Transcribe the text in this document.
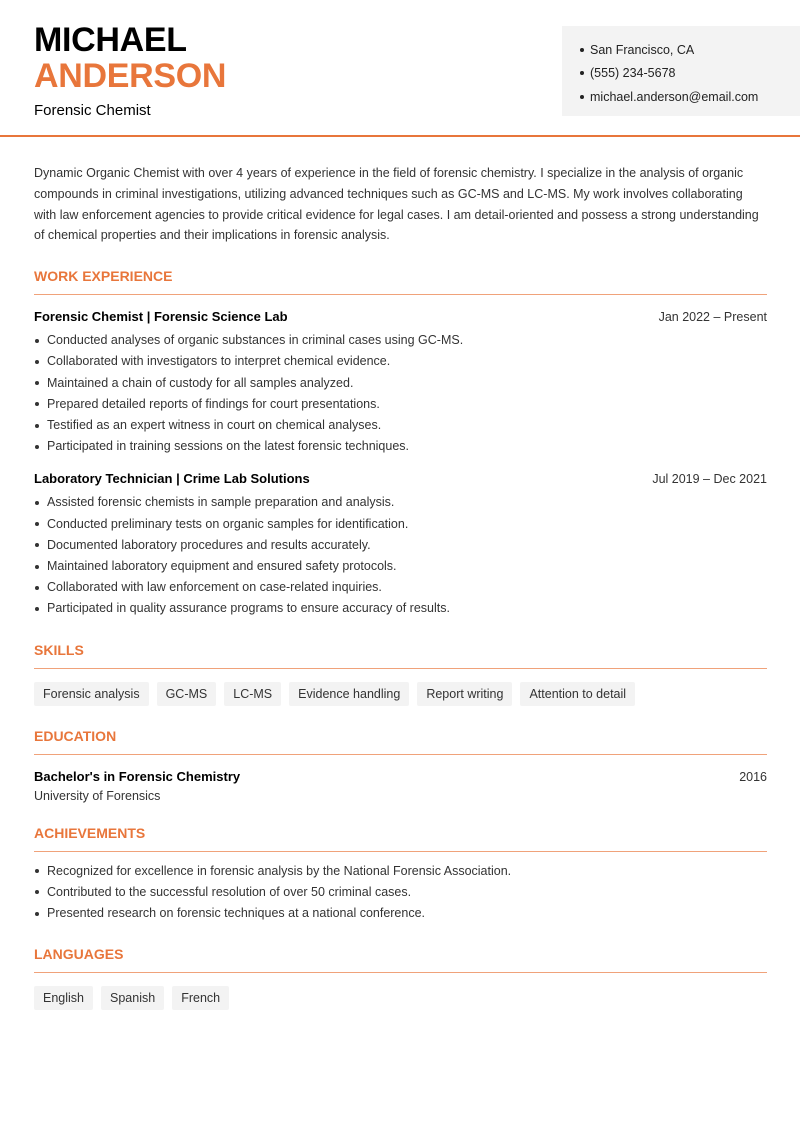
MICHAEL
ANDERSON
Forensic Chemist
San Francisco, CA
(555) 234-5678
michael.anderson@email.com

Dynamic Organic Chemist with over 4 years of experience in the field of forensic chemistry. I specialize in the analysis of organic compounds in criminal investigations, utilizing advanced techniques such as GC-MS and LC-MS. My work involves collaborating with law enforcement agencies to provide critical evidence for legal cases. I am detail-oriented and possess a strong understanding of chemical properties and their implications in forensic analysis.

WORK EXPERIENCE
Forensic Chemist | Forensic Science Lab	Jan 2022 – Present
Conducted analyses of organic substances in criminal cases using GC-MS.
Collaborated with investigators to interpret chemical evidence.
Maintained a chain of custody for all samples analyzed.
Prepared detailed reports of findings for court presentations.
Testified as an expert witness in court on chemical analyses.
Participated in training sessions on the latest forensic techniques.
Laboratory Technician | Crime Lab Solutions	Jul 2019 – Dec 2021
Assisted forensic chemists in sample preparation and analysis.
Conducted preliminary tests on organic samples for identification.
Documented laboratory procedures and results accurately.
Maintained laboratory equipment and ensured safety protocols.
Collaborated with law enforcement on case-related inquiries.
Participated in quality assurance programs to ensure accuracy of results.
SKILLS
Forensic analysis	GC-MS	LC-MS	Evidence handling	Report writing	Attention to detail
EDUCATION
Bachelor's in Forensic Chemistry	2016
University of Forensics
ACHIEVEMENTS
Recognized for excellence in forensic analysis by the National Forensic Association.
Contributed to the successful resolution of over 50 criminal cases.
Presented research on forensic techniques at a national conference.
LANGUAGES
English	Spanish	French
